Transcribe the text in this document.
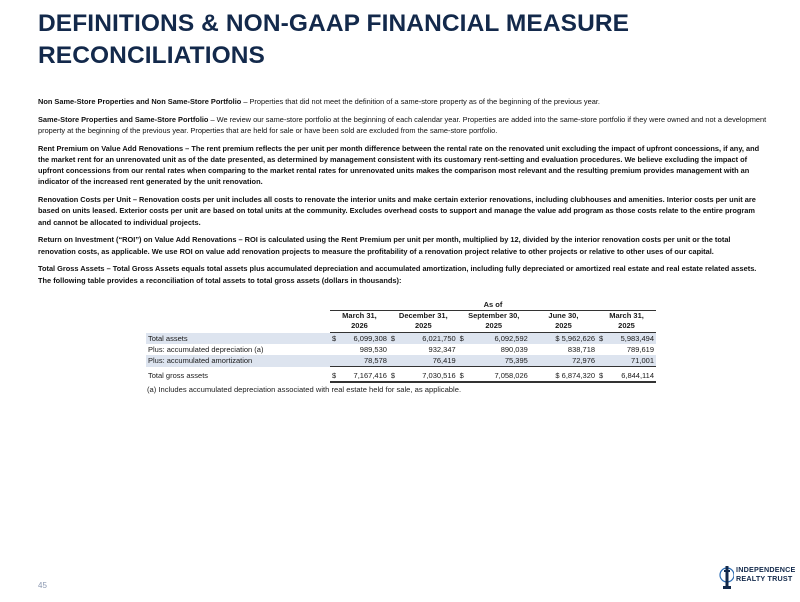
DEFINITIONS & NON-GAAP FINANCIAL MEASURE
RECONCILIATIONS

Non Same-Store Properties and Non Same-Store Portfolio – Properties that did not meet the definition of a same-store property as of the beginning of the previous year.

Same-Store Properties and Same-Store Portfolio – We review our same-store portfolio at the beginning of each calendar year. Properties are added into the same-store portfolio if they were owned and not a development property at the beginning of the previous year. Properties that are held for sale or have been sold are excluded from the same-store portfolio.

Rent Premium on Value Add Renovations – The rent premium reflects the per unit per month difference between the rental rate on the renovated unit excluding the impact of upfront concessions, if any, and the market rent for an unrenovated unit as of the date presented, as determined by management consistent with its customary rent-setting and evaluation procedures. We believe excluding the impact of upfront concessions from our rental rates when comparing to the market rental rates for unrenovated units makes the comparison most relevant and the resulting premium provides management with an indicator of the increased rent generated by the unit renovation.

Renovation Costs per Unit – Renovation costs per unit includes all costs to renovate the interior units and make certain exterior renovations, including clubhouses and amenities. Interior costs per unit are based on units leased. Exterior costs per unit are based on total units at the community. Excludes overhead costs to support and manage the value add program as those costs relate to the entire program and cannot be allocated to individual projects.

Return on Investment (“ROI”) on Value Add Renovations – ROI is calculated using the Rent Premium per unit per month, multiplied by 12, divided by the interior renovation costs per unit or the total renovation costs, as applicable. We use ROI on value add renovation projects to measure the profitability of a renovation project relative to other projects or relative to other uses of our capital.

Total Gross Assets – Total Gross Assets equals total assets plus accumulated depreciation and accumulated amortization, including fully depreciated or amortized real estate and real estate related assets. The following table provides a reconciliation of total assets to total gross assets (dollars in thousands):

	As of									
	March 31,
2026		December 31,
2025		September 30,
2025		June 30,
2025		March 31,
2025	
Total assets	$	6,099,308	$	6,021,750	$	6,092,592		$ 5,962,626	$	5,983,494
Plus: accumulated depreciation (a)		989,530		932,347		890,039		838,718		789,619
Plus: accumulated amortization		78,578		76,419		75,395		72,976		71,001
Total gross assets	$	7,167,416	$	7,030,516	$	7,058,026		$ 6,874,320	$	6,844,114
(a) Includes accumulated depreciation associated with real estate held for sale, as applicable.
45
INDEPENDENCE
REALTY TRUST
